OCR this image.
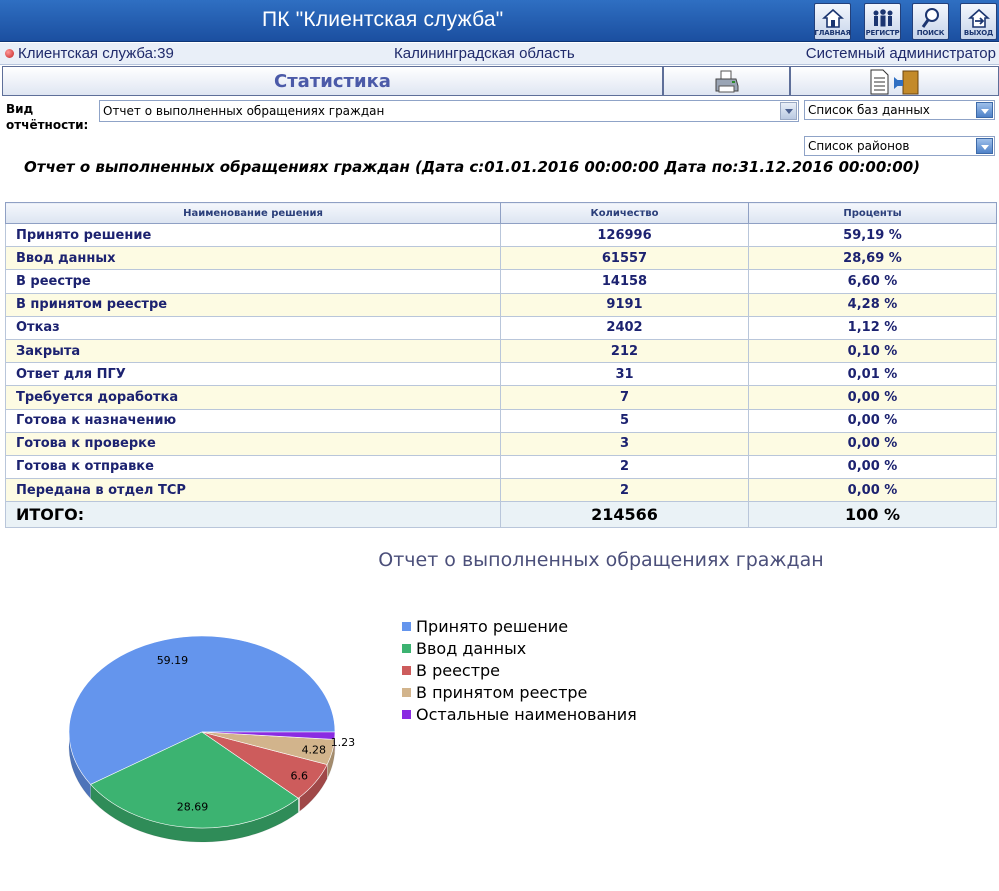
ПК "Клиентская служба"
ГЛАВНАЯ РЕГИСТР ПОИСК	ВЫХОД
Клиентская служба:39	Калининградская область	Системный администратор
Статистика
Вид
отчётности:
Отчет о выполненных обращениях граждан	Список баз данных
Список районов
Отчет о выполненных обращениях граждан (Дата с:01.01.2016 00:00:00 Дата по:31.12.2016 00:00:00)
Наименование решения	Количество	Проценты
Принято решение	126996	59,19 %
Ввод данных	61557	28,69 %
В реестре	14158	6,60 %
В принятом реестре	9191	4,28 %
Отказ	2402	1,12 %
Закрыта	212	0,10 %
Ответ для ПГУ	31	0,01 %
Требуется доработка	7	0,00 %
Готова к назначению	5	0,00 %
Готова к проверке	3	0,00 %
Готова к отправке	2	0,00 %
Передана в отдел ТСР	2	0,00 %
ИТОГО:	214566	100 %
Отчет о выполненных обращениях граждан
59.19
28.69
6.6
4.28
1.23
Принято решение
Ввод данных
В реестре
В принятом реестре
Остальные наименования
